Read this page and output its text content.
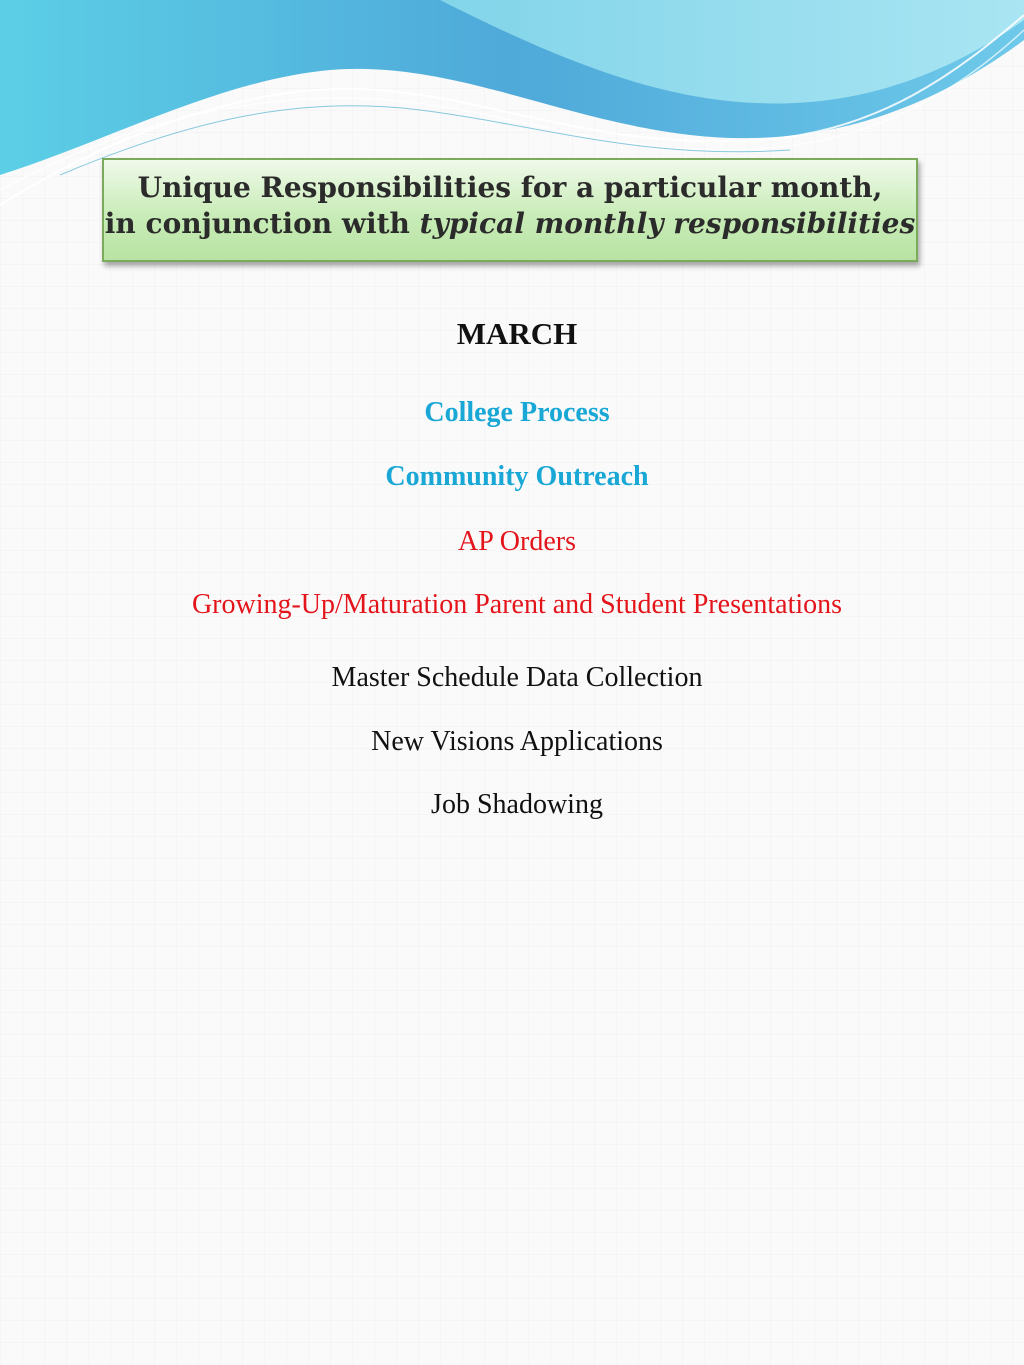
Unique Responsibilities for a particular month,
in conjunction with typical monthly responsibilities
MARCH
College Process
Community Outreach
AP Orders
Growing-Up/Maturation Parent and Student Presentations
Master Schedule Data Collection
New Visions Applications
Job Shadowing
